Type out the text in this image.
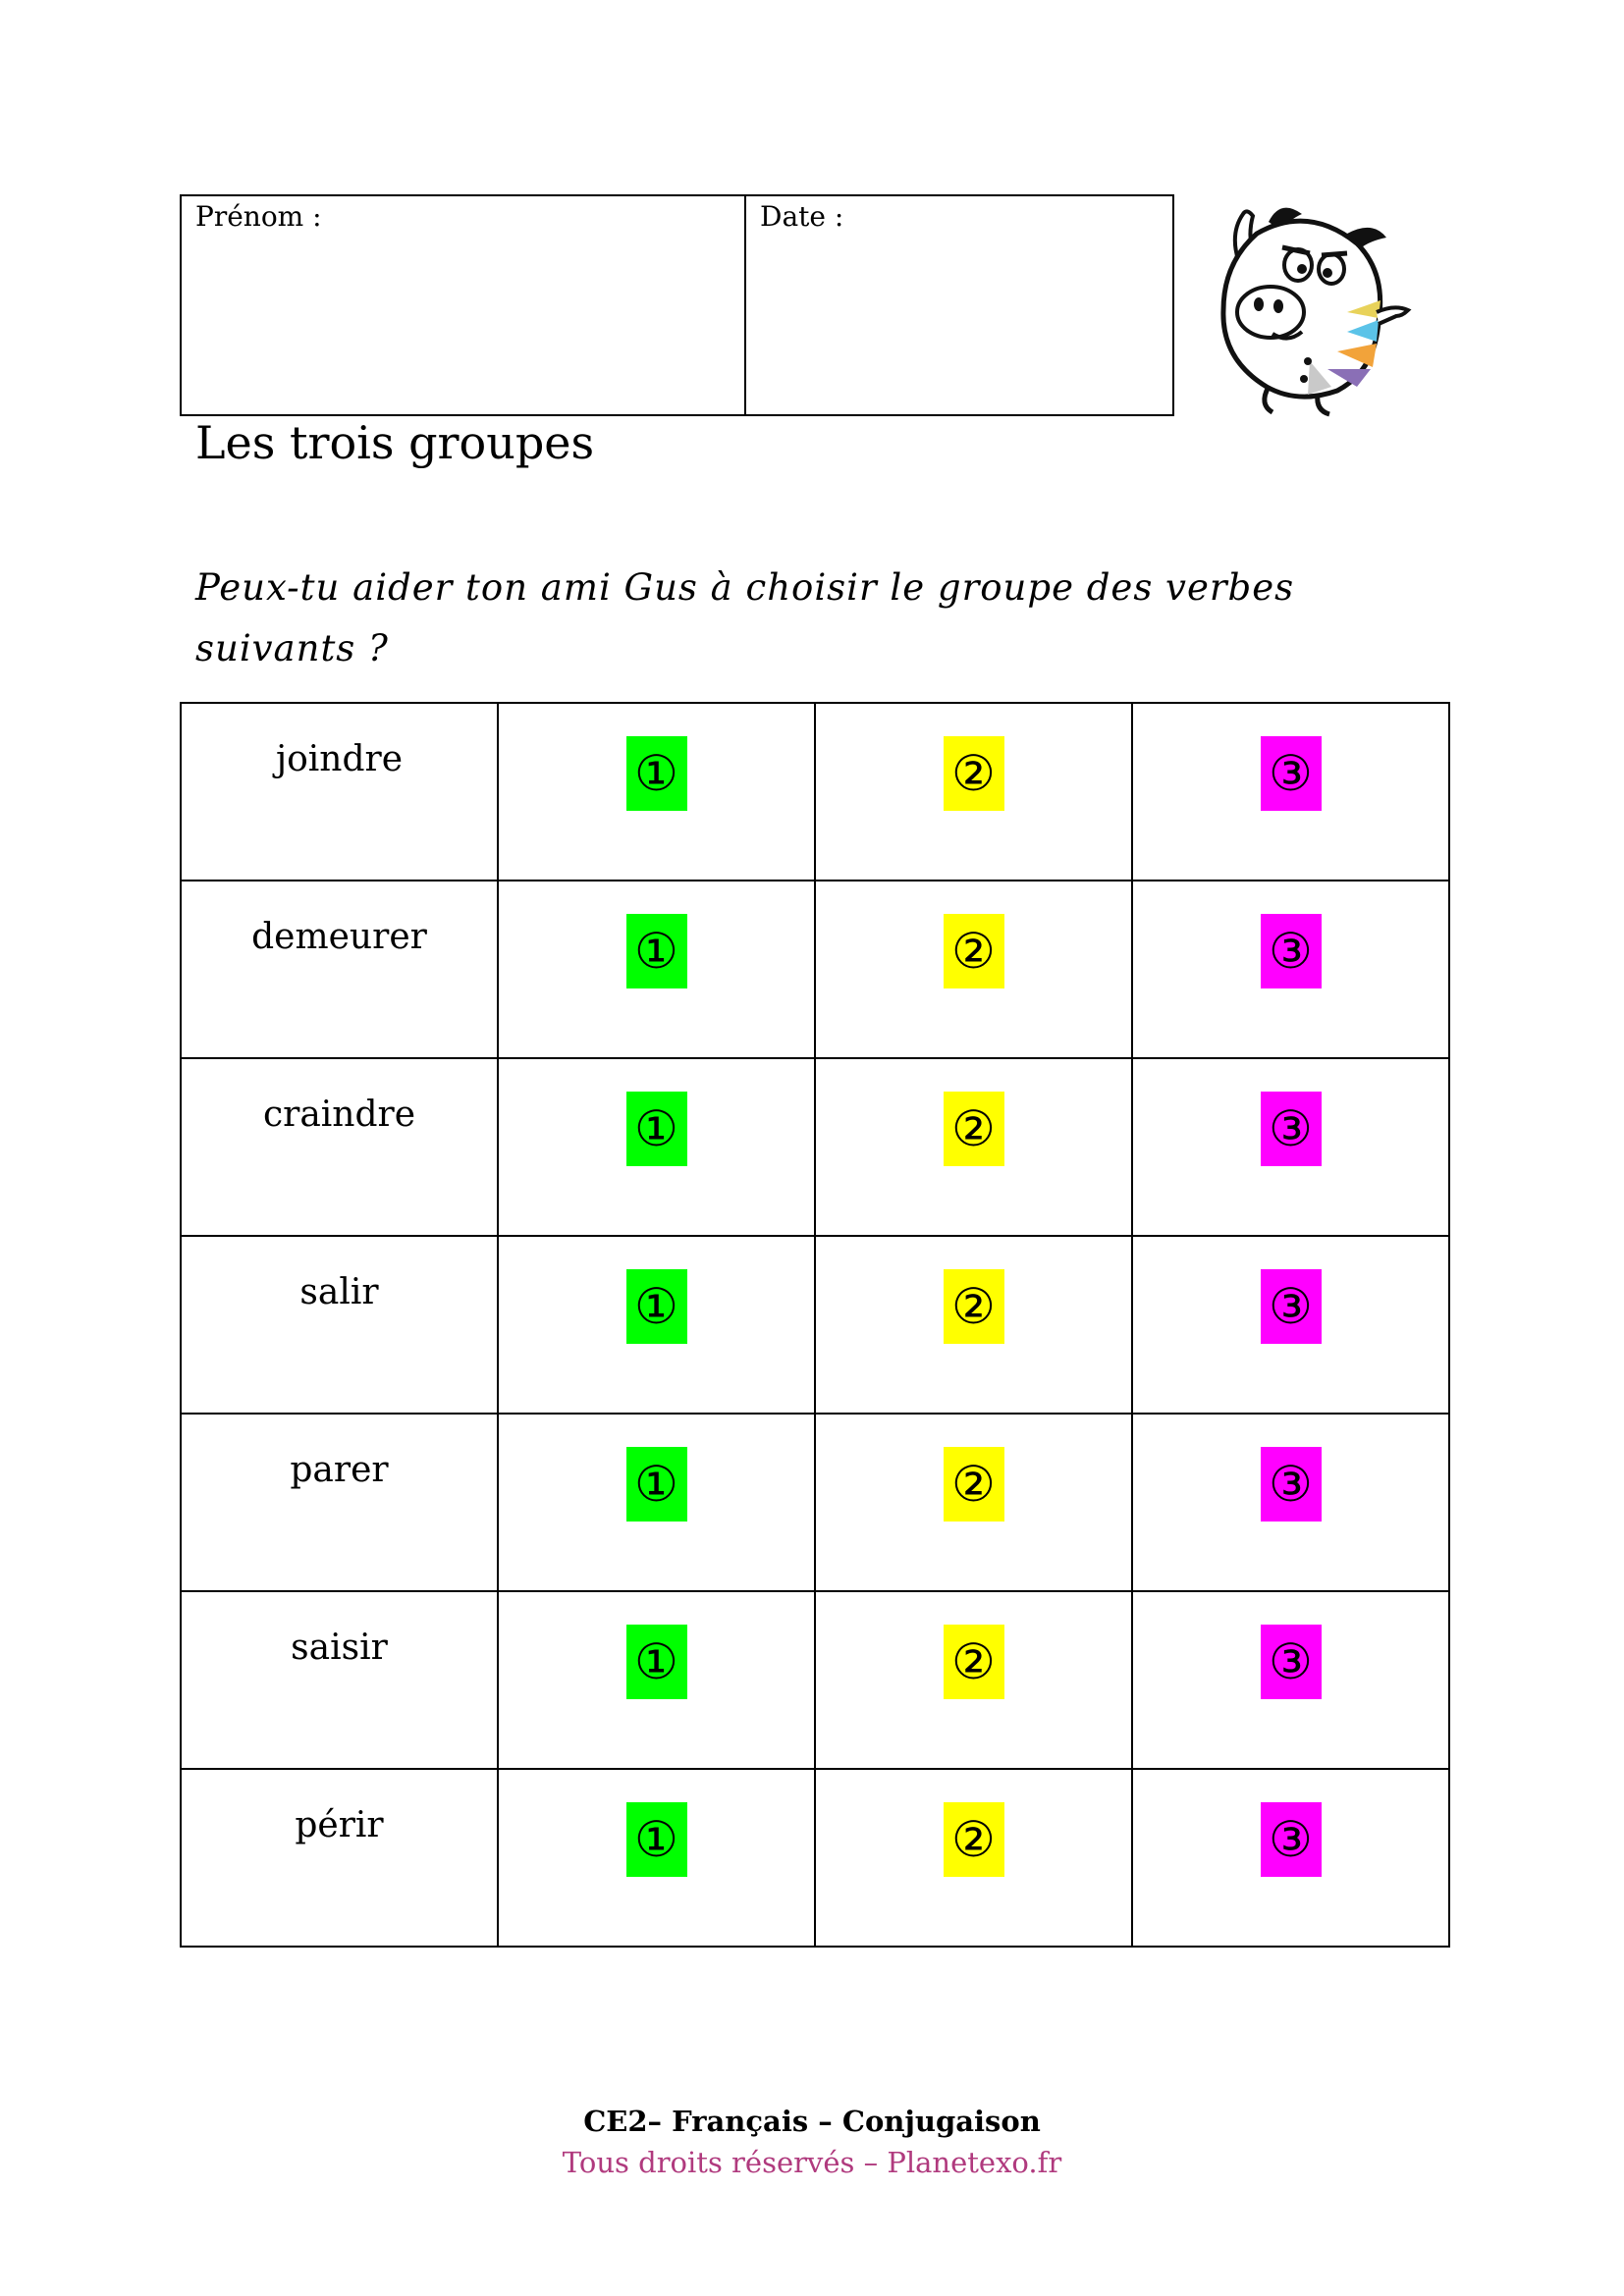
Prénom :	Date :
Les trois groupes

Peux-tu aider ton ami Gus à choisir le groupe des verbes suivants ?

joindre	①	②	③

demeurer	①	②	③

craindre	①	②	③

salir	①	②	③

parer	①	②	③

saisir	①	②	③

périr	①	②	③
CE2– Français – Conjugaison
Tous droits réservés – Planetexo.fr
